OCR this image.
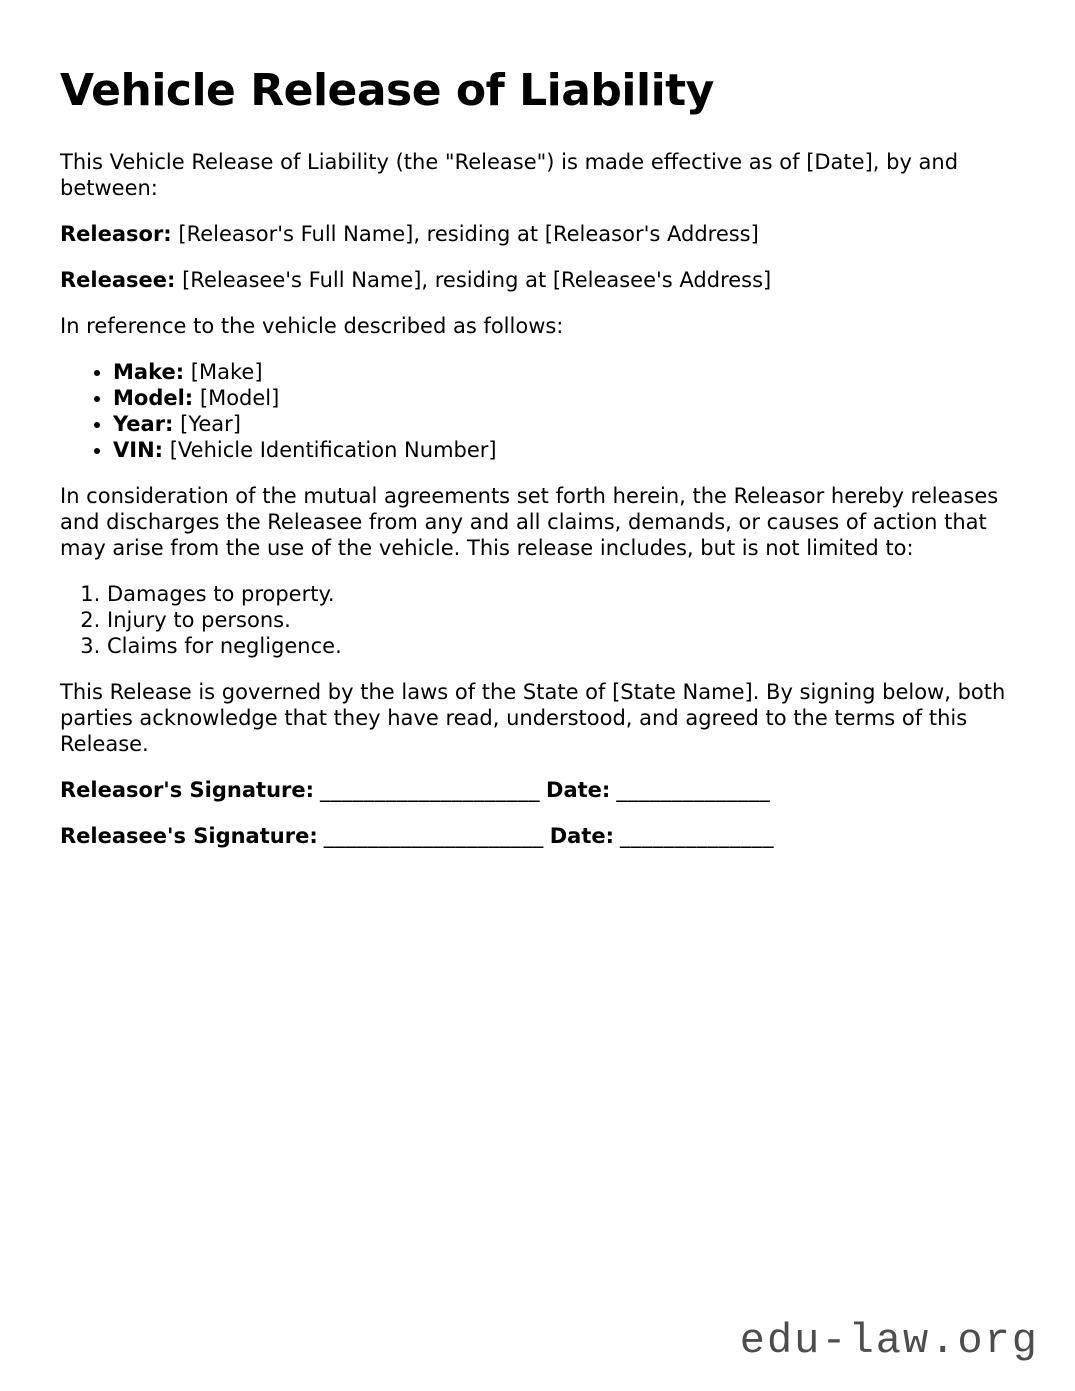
Vehicle Release of Liability

This Vehicle Release of Liability (the "Release") is made effective as of [Date], by and between:

Releasor: [Releasor's Full Name], residing at [Releasor's Address]

Releasee: [Releasee's Full Name], residing at [Releasee's Address]

In reference to the vehicle described as follows:

• Make: [Make]
• Model: [Model]
• Year: [Year]
• VIN: [Vehicle Identification Number]

In consideration of the mutual agreements set forth herein, the Releasor hereby releases and discharges the Releasee from any and all claims, demands, or causes of action that may arise from the use of the vehicle. This release includes, but is not limited to:

1. Damages to property.
2. Injury to persons.
3. Claims for negligence.

This Release is governed by the laws of the State of [State Name]. By signing below, both parties acknowledge that they have read, understood, and agreed to the terms of this Release.

Releasor's Signature: ____________________ Date: ______________

Releasee's Signature: ____________________ Date: ______________

edu-law.org
